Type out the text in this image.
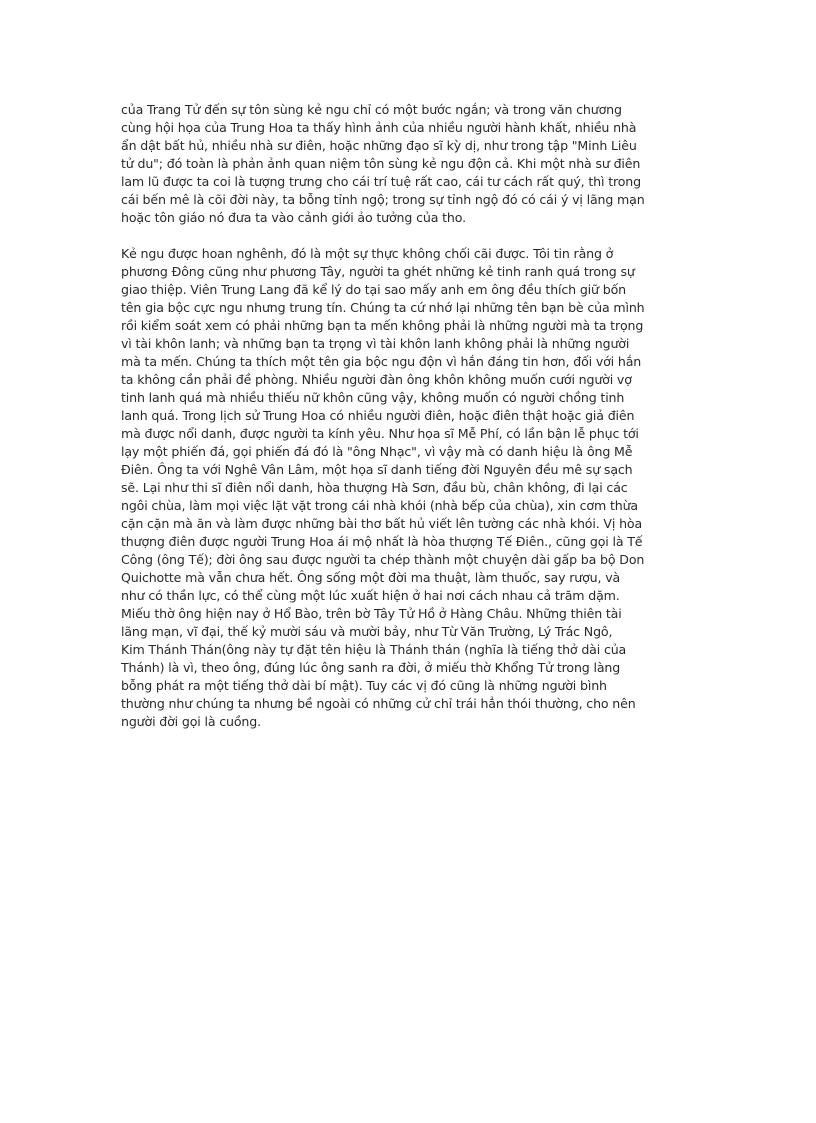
của Trang Tử đến sự tôn sùng kẻ ngu chỉ có một bước ngắn; và trong văn chương
cùng hội họa của Trung Hoa ta thấy hình ảnh của nhiều người hành khất, nhiều nhà
ẩn dật bất hủ, nhiều nhà sư điên, hoặc những đạo sĩ kỳ dị, như trong tập "Minh Liêu
tử du"; đó toàn là phản ảnh quan niệm tôn sùng kẻ ngu độn cả. Khi một nhà sư điên
lam lũ được ta coi là tượng trưng cho cái trí tuệ rất cao, cái tư cách rất quý, thì trong
cái bến mê là cõi đời này, ta bỗng tỉnh ngộ; trong sự tỉnh ngộ đó có cái ý vị lãng mạn
hoặc tôn giáo nó đưa ta vào cảnh giới ảo tưởng của tho.

Kẻ ngu được hoan nghênh, đó là một sự thực không chối cãi được. Tôi tin rằng ở
phương Đông cũng như phương Tây, người ta ghét những kẻ tinh ranh quá trong sự
giao thiệp. Viên Trung Lang đã kể lý do tại sao mấy anh em ông đều thích giữ bốn
tên gia bộc cực ngu nhưng trung tín. Chúng ta cứ nhớ lại những tên bạn bè của mình
rồi kiểm soát xem có phải những bạn ta mến không phải là những người mà ta trọng
vì tài khôn lanh; và những bạn ta trọng vì tài khôn lanh không phải là những người
mà ta mến. Chúng ta thích một tên gia bộc ngu độn vì hắn đáng tin hơn, đối với hắn
ta không cần phải đề phòng. Nhiều người đàn ông khôn không muốn cưới người vợ
tinh lanh quá mà nhiều thiếu nữ khôn cũng vậy, không muốn có người chồng tinh
lanh quá. Trong lịch sử Trung Hoa có nhiều người điên, hoặc điên thật hoặc giả điên
mà được nổi danh, được người ta kính yêu. Như họa sĩ Mễ Phí, có lần bận lễ phục tới
lạy một phiến đá, gọi phiến đá đó là "ông Nhạc", vì vậy mà có danh hiệu là ông Mễ
Điên. Ông ta với Nghê Vân Lâm, một họa sĩ danh tiếng đời Nguyên đều mê sự sạch
sẽ. Lại như thi sĩ điên nổi danh, hòa thượng Hà Sơn, đầu bù, chân không, đi lại các
ngôi chùa, làm mọi việc lặt vặt trong cái nhà khói (nhà bếp của chùa), xin cơm thừa
cặn cặn mà ăn và làm được những bài thơ bất hủ viết lên tường các nhà khói. Vị hòa
thượng điên được người Trung Hoa ái mộ nhất là hòa thượng Tế Điên., cũng gọi là Tế
Công (ông Tế); đời ông sau được người ta chép thành một chuyện dài gấp ba bộ Don
Quichotte mà vẫn chưa hết. Ông sống một đời ma thuật, làm thuốc, say rượu, và
như có thần lực, có thể cùng một lúc xuất hiện ở hai nơi cách nhau cả trăm dặm.
Miếu thờ ông hiện nay ở Hổ Bào, trên bờ Tây Tử Hồ ở Hàng Châu. Những thiên tài
lãng mạn, vĩ đại, thế kỷ mười sáu và mười bảy, như Từ Văn Trường, Lý Trác Ngô,
Kim Thánh Thán(ông này tự đặt tên hiệu là Thánh thán (nghĩa là tiếng thở dài của
Thánh) là vì, theo ông, đúng lúc ông sanh ra đời, ở miếu thờ Khổng Tử trong làng
bỗng phát ra một tiếng thở dài bí mật). Tuy các vị đó cũng là những người bình
thường như chúng ta nhưng bề ngoài có những cử chỉ trái hẳn thói thường, cho nên
người đời gọi là cuồng.
